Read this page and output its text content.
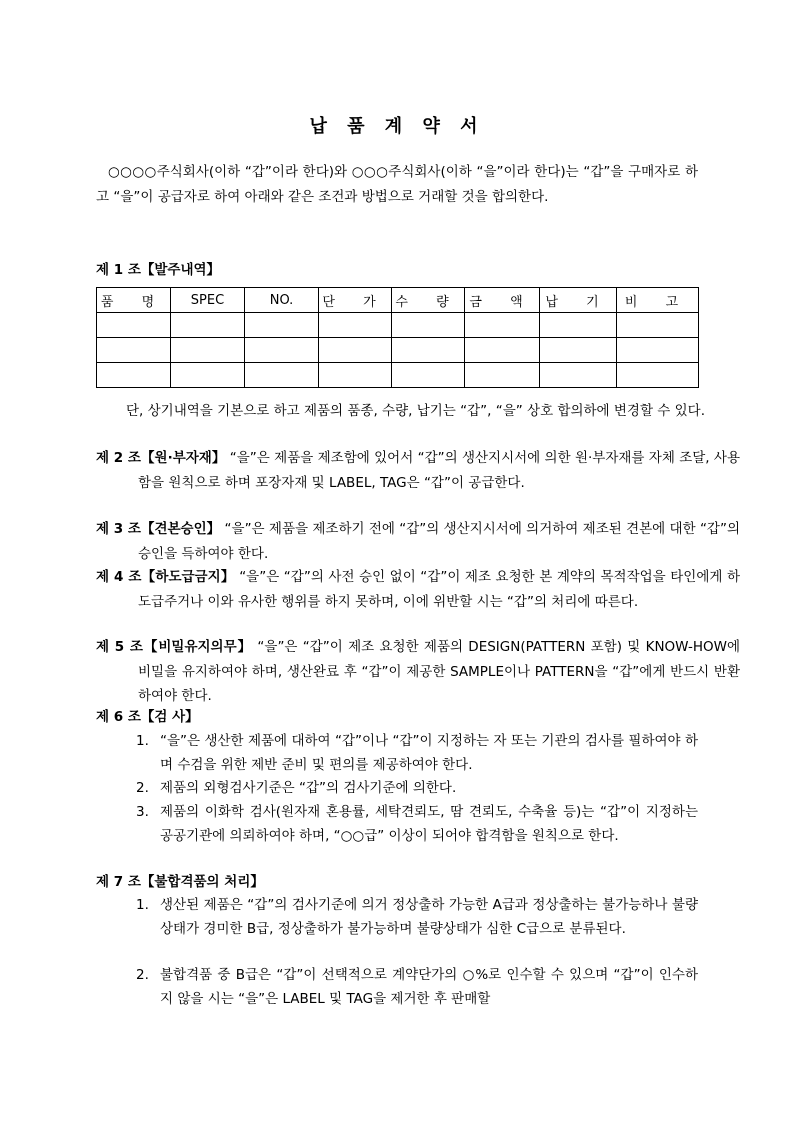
납 품 계 약 서
○○○○주식회사(이하 “갑”이라 한다)와 ○○○주식회사(이하 “을”이라 한다)는 “갑”을 구매자로 하고 “을”이 공급자로 하여 아래와 같은 조건과 방법으로 거래할 것을 합의한다.
제 1 조【발주내역】
품 명	SPEC	NO.	단 가	수 량	금 액	납 기	비 고

단, 상기내역을 기본으로 하고 제품의 품종, 수량, 납기는 “갑”, “을” 상호 합의하에 변경할 수 있다.
제 2 조【원·부자재】 “을”은 제품을 제조함에 있어서 “갑”의 생산지시서에 의한 원·부자재를 자체 조달, 사용함을 원칙으로 하며 포장자재 및 LABEL, TAG은 “갑”이 공급한다.
제 3 조【견본승인】 “을”은 제품을 제조하기 전에 “갑”의 생산지시서에 의거하여 제조된 견본에 대한 “갑”의 승인을 득하여야 한다.
제 4 조【하도급금지】 “을”은 “갑”의 사전 승인 없이 “갑”이 제조 요청한 본 계약의 목적작업을 타인에게 하도급주거나 이와 유사한 행위를 하지 못하며, 이에 위반할 시는 “갑”의 처리에 따른다.
제 5 조【비밀유지의무】 “을”은 “갑”이 제조 요청한 제품의 DESIGN(PATTERN 포함) 및 KNOW-HOW에 비밀을 유지하여야 하며, 생산완료 후 “갑”이 제공한 SAMPLE이나 PATTERN을 “갑”에게 반드시 반환하여야 한다.
제 6 조【검 사】
1. “을”은 생산한 제품에 대하여 “갑”이나 “갑”이 지정하는 자 또는 기관의 검사를 필하여야 하며 수검을 위한 제반 준비 및 편의를 제공하여야 한다.
2. 제품의 외형검사기준은 “갑”의 검사기준에 의한다.
3. 제품의 이화학 검사(원자재 혼용률, 세탁견뢰도, 땀 견뢰도, 수축율 등)는 “갑”이 지정하는 공공기관에 의뢰하여야 하며, “○○급” 이상이 되어야 합격함을 원칙으로 한다.
제 7 조【불합격품의 처리】
1. 생산된 제품은 “갑”의 검사기준에 의거 정상출하 가능한 A급과 정상출하는 불가능하나 불량상태가 경미한 B급, 정상출하가 불가능하며 불량상태가 심한 C급으로 분류된다.
2. 불합격품 중 B급은 “갑”이 선택적으로 계약단가의 ○%로 인수할 수 있으며 “갑”이 인수하지 않을 시는 “을”은 LABEL 및 TAG을 제거한 후 판매할
